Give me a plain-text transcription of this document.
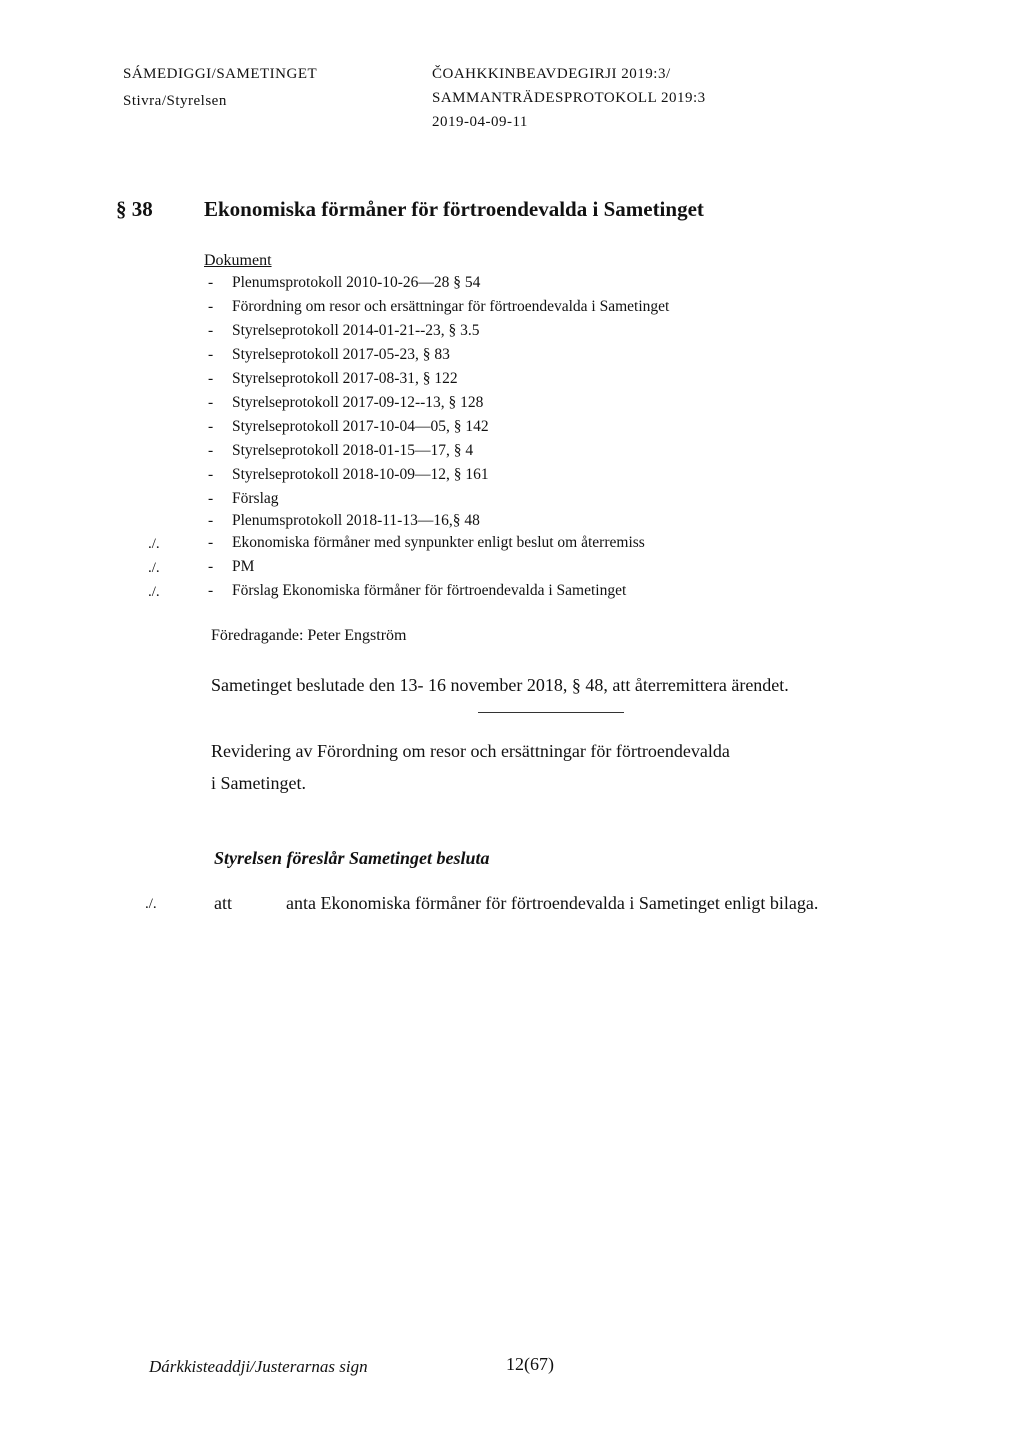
SÁMEDIGGI/SAMETINGET
Stivra/Styrelsen
ČOAHKKINBEAVDEGIRJI 2019:3/
SAMMANTRÄDESPROTOKOLL 2019:3
2019-04-09-11
§ 38 Ekonomiska förmåner för förtroendevalda i Sametinget
Dokument
- Plenumsprotokoll 2010-10-26—28 § 54
- Förordning om resor och ersättningar för förtroendevalda i Sametinget
- Styrelseprotokoll 2014-01-21--23, § 3.5
- Styrelseprotokoll 2017-05-23, § 83
- Styrelseprotokoll 2017-08-31, § 122
- Styrelseprotokoll 2017-09-12--13, § 128
- Styrelseprotokoll 2017-10-04—05, § 142
- Styrelseprotokoll 2018-01-15—17, § 4
- Styrelseprotokoll 2018-10-09—12, § 161
- Förslag
- Plenumsprotokoll 2018-11-13—16,§ 48
./.	- Ekonomiska förmåner med synpunkter enligt beslut om återremiss
./.	- PM
./.	- Förslag Ekonomiska förmåner för förtroendevalda i Sametinget
Föredragande: Peter Engström
Sametinget beslutade den 13- 16 november 2018, § 48, att återremittera ärendet.
Revidering av Förordning om resor och ersättningar för förtroendevalda
i Sametinget.
Styrelsen föreslår Sametinget besluta
./.	att	anta Ekonomiska förmåner för förtroendevalda i Sametinget enligt bilaga.
Dárkkisteaddji/Justerarnas sign	12(67)
